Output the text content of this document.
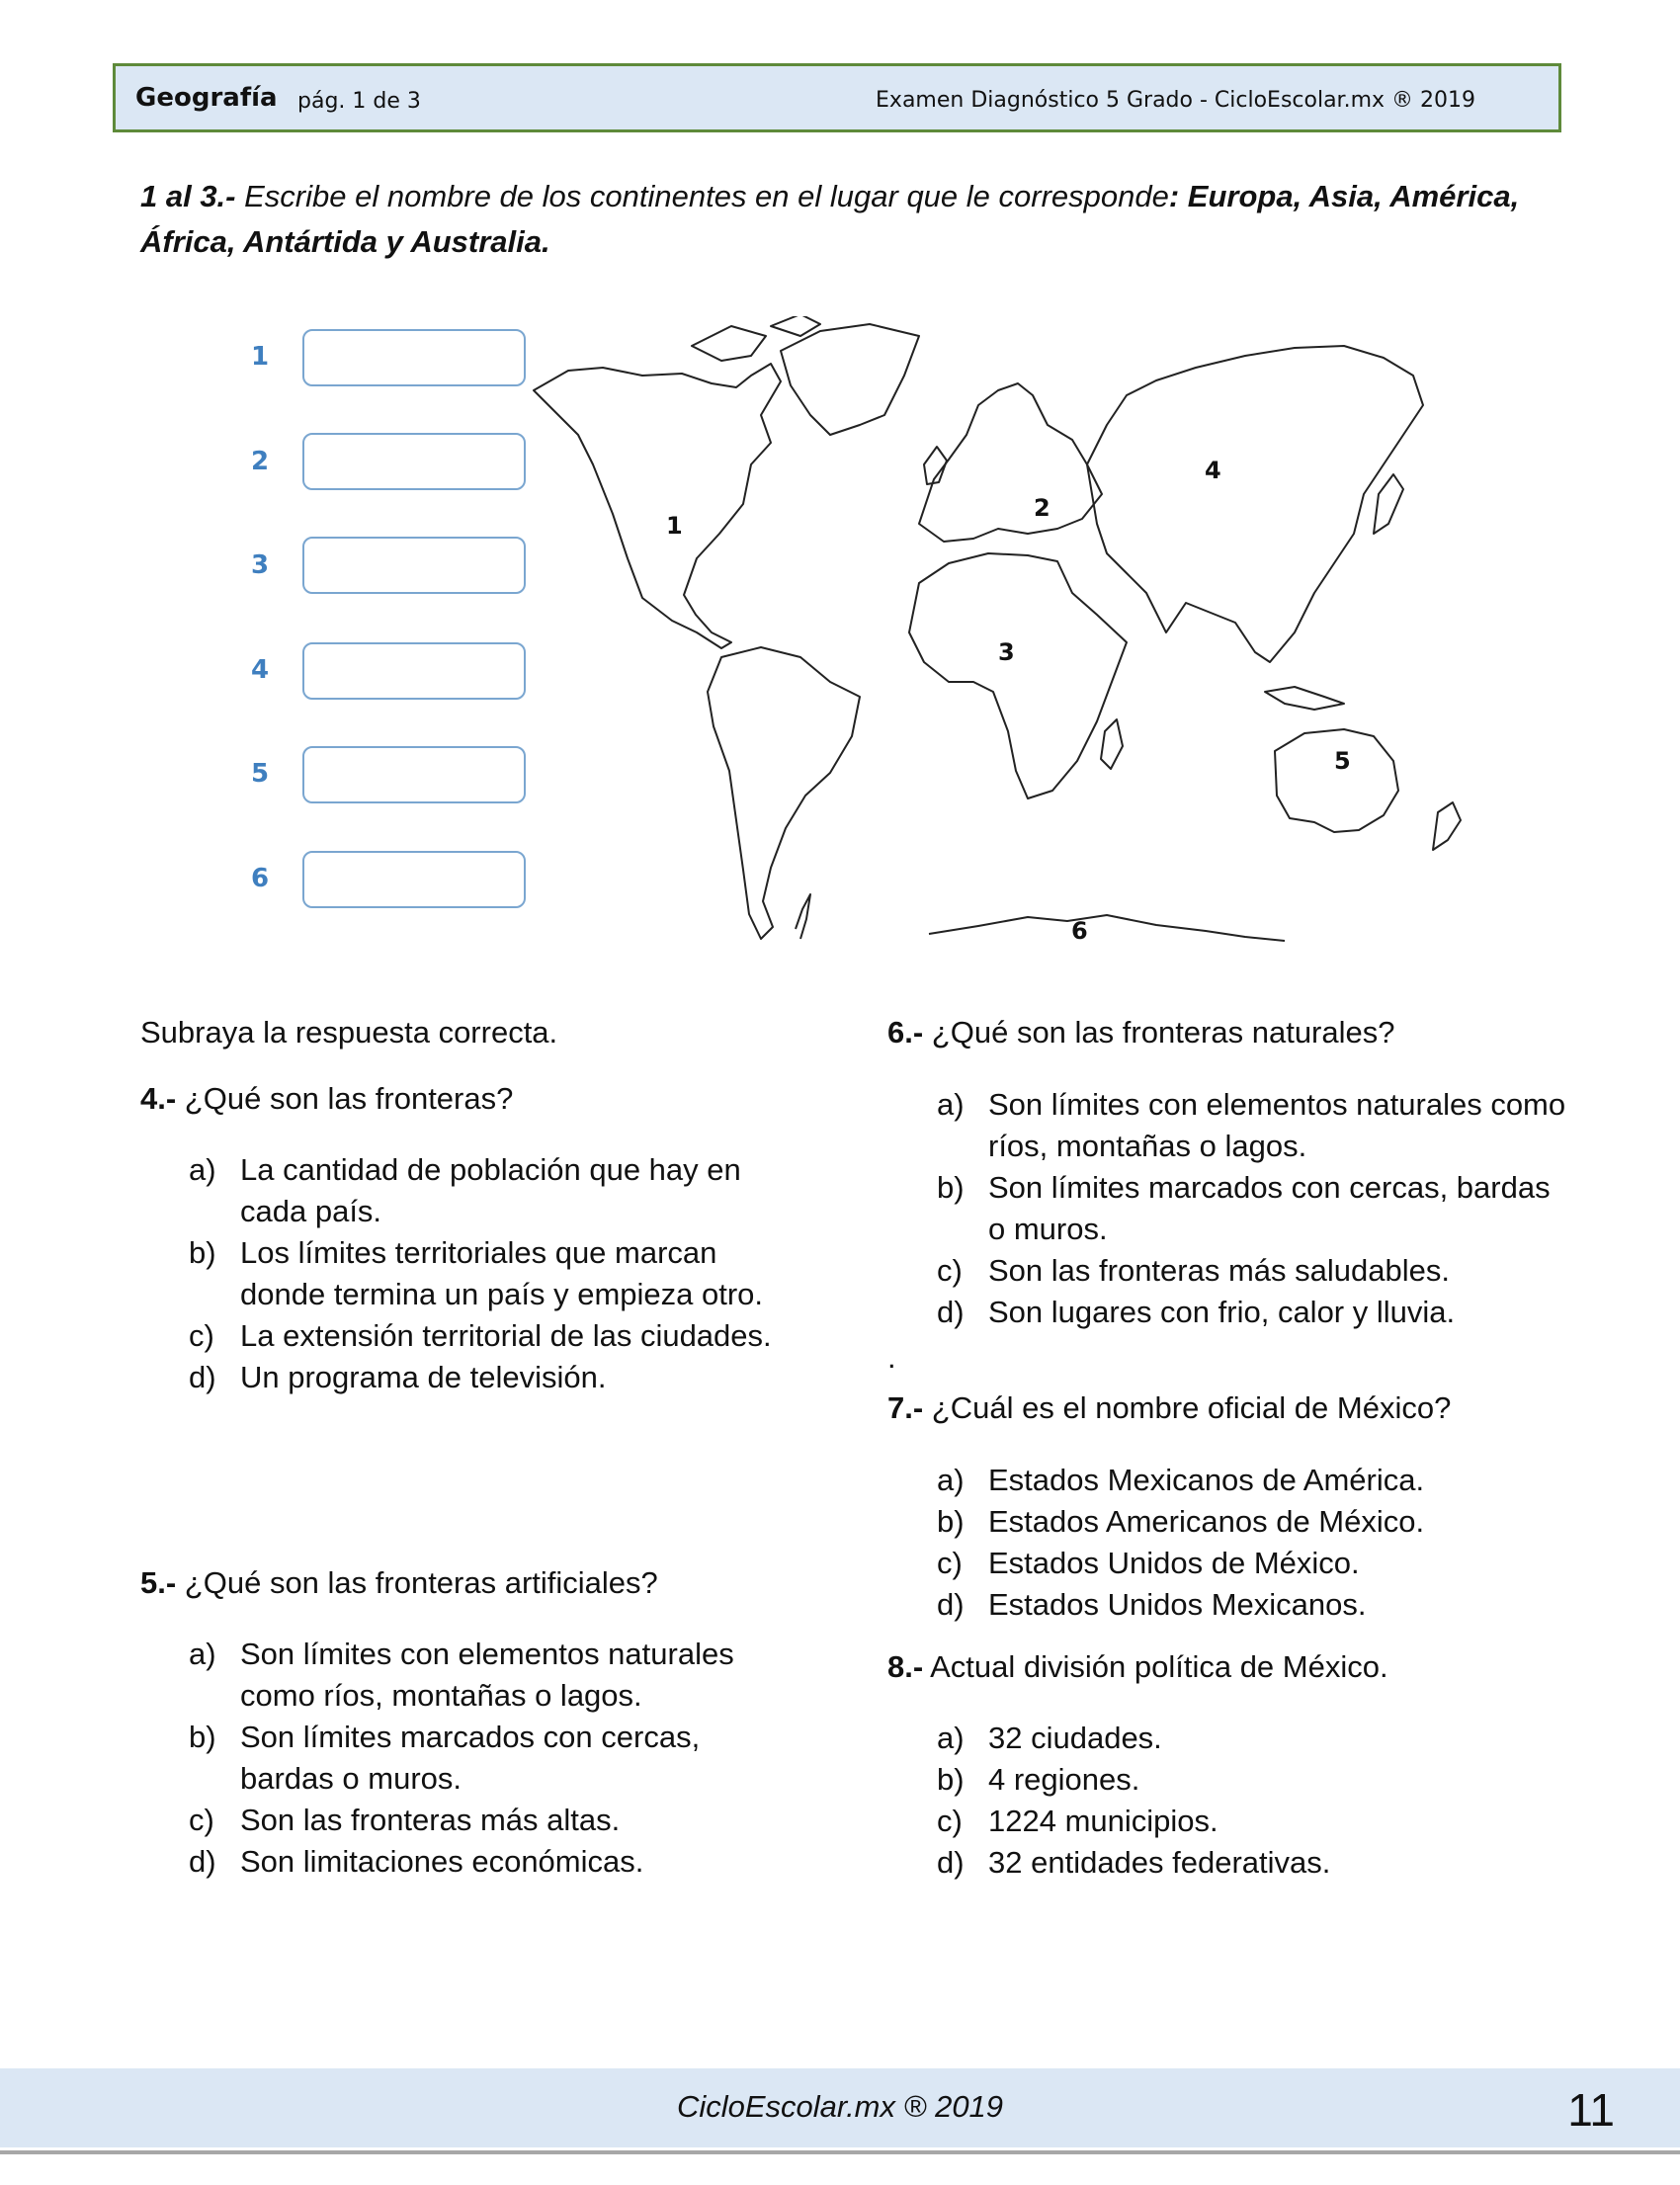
Geografía pág. 1 de 3	Examen Diagnóstico 5 Grado - CicloEscolar.mx ® 2019
1 al 3.- Escribe el nombre de los continentes en el lugar que le corresponde: Europa, Asia, América, África, Antártida y Australia.
1
2
3
4
5
6
1
2
3
4
5
6
Subraya la respuesta correcta.
4.- ¿Qué son las fronteras?
a) La cantidad de población que hay en cada país.
b) Los límites territoriales que marcan donde termina un país y empieza otro.
c) La extensión territorial de las ciudades.
d) Un programa de televisión.
5.- ¿Qué son las fronteras artificiales?
a) Son límites con elementos naturales como ríos, montañas o lagos.
b) Son límites marcados con cercas, bardas o muros.
c) Son las fronteras más altas.
d) Son limitaciones económicas.
6.- ¿Qué son las fronteras naturales?
a) Son límites con elementos naturales como ríos, montañas o lagos.
b) Son límites marcados con cercas, bardas o muros.
c) Son las fronteras más saludables.
d) Son lugares con frio, calor y lluvia.
.
7.- ¿Cuál es el nombre oficial de México?
a) Estados Mexicanos de América.
b) Estados Americanos de México.
c) Estados Unidos de México.
d) Estados Unidos Mexicanos.
8.- Actual división política de México.
a) 32 ciudades.
b) 4 regiones.
c) 1224 municipios.
d) 32 entidades federativas.
CicloEscolar.mx ® 2019	11
